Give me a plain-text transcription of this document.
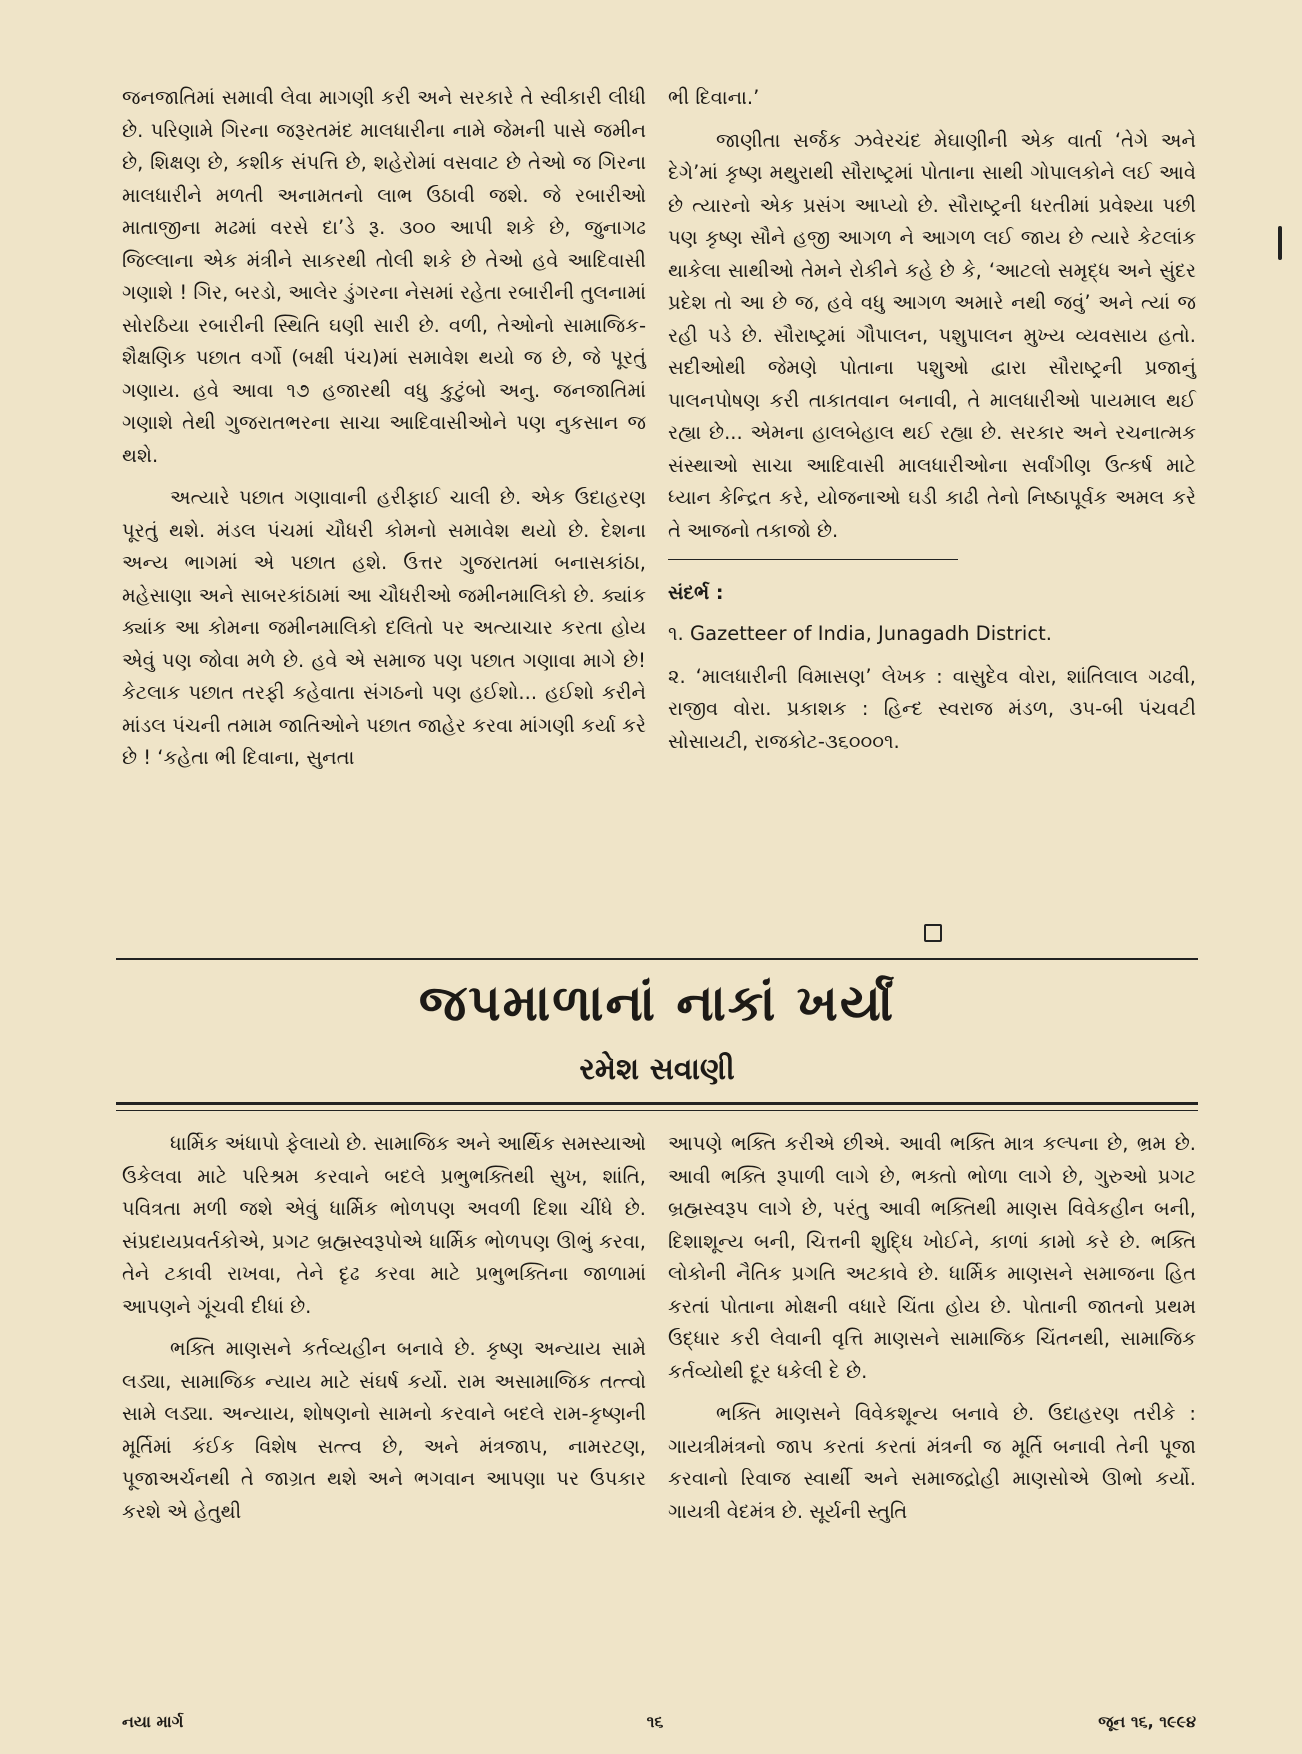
જનજાતિમાં સમાવી લેવા માગણી કરી અને સરકારે તે સ્વીકારી લીધી છે. પરિણામે ગિરના જરૂરતમંદ માલધારીના નામે જેમની પાસે જમીન છે, શિક્ષણ છે, કશીક સંપત્તિ છે, શહેરોમાં વસવાટ છે તેઓ જ ગિરના માલધારીને મળતી અનામતનો લાભ ઉઠાવી જશે. જે રબારીઓ માતાજીના મઢમાં વરસે દા’ડે રૂ. ૩૦૦ આપી શકે છે, જુનાગઢ જિલ્લાના એક મંત્રીને સાકરથી તોલી શકે છે તેઓ હવે આદિવાસી ગણાશે ! ગિર, બરડો, આલેર ડુંગરના નેસમાં રહેતા રબારીની તુલનામાં સોરઠિયા રબારીની સ્થિતિ ઘણી સારી છે. વળી, તેઓનો સામાજિક-શૈક્ષણિક પછાત વર્ગો (બક્ષી પંચ)માં સમાવેશ થયો જ છે, જે પૂરતું ગણાય. હવે આવા ૧૭ હજારથી વધુ કુટુંબો અનુ. જનજાતિમાં ગણાશે તેથી ગુજરાતભરના સાચા આદિવાસીઓને પણ નુકસાન જ થશે.

અત્યારે પછાત ગણાવાની હરીફાઈ ચાલી છે. એક ઉદાહરણ પૂરતું થશે. મંડલ પંચમાં ચૌધરી કોમનો સમાવેશ થયો છે. દેશના અન્ય ભાગમાં એ પછાત હશે. ઉત્તર ગુજરાતમાં બનાસકાંઠા, મહેસાણા અને સાબરકાંઠામાં આ ચૌધરીઓ જમીનમાલિકો છે. ક્યાંક ક્યાંક આ કોમના જમીનમાલિકો દલિતો પર અત્યાચાર કરતા હોય એવું પણ જોવા મળે છે. હવે એ સમાજ પણ પછાત ગણાવા માગે છે! કેટલાક પછાત તરફી કહેવાતા સંગઠનો પણ હઈશો... હઈશો કરીને માંડલ પંચની તમામ જાતિઓને પછાત જાહેર કરવા માંગણી કર્યા કરે છે ! ‘કહેતા ભી દિવાના, સુનતા

ભી દિવાના.’

જાણીતા સર્જક ઝવેરચંદ મેઘાણીની એક વાર્તા ‘તેગે અને દેગે’માં કૃષ્ણ મથુરાથી સૌરાષ્ટ્રમાં પોતાના સાથી ગોપાલકોને લઈ આવે છે ત્યારનો એક પ્રસંગ આપ્યો છે. સૌરાષ્ટ્રની ધરતીમાં પ્રવેશ્યા પછી પણ કૃષ્ણ સૌને હજી આગળ ને આગળ લઈ જાય છે ત્યારે કેટલાંક થાકેલા સાથીઓ તેમને રોકીને કહે છે કે, ‘આટલો સમૃદ્ધ અને સુંદર પ્રદેશ તો આ છે જ, હવે વધુ આગળ અમારે નથી જવું’ અને ત્યાં જ રહી પડે છે. સૌરાષ્ટ્રમાં ગૌપાલન, પશુપાલન મુખ્ય વ્યવસાય હતો. સદીઓથી જેમણે પોતાના પશુઓ દ્વારા સૌરાષ્ટ્રની પ્રજાનું પાલનપોષણ કરી તાકાતવાન બનાવી, તે માલધારીઓ પાયમાલ થઈ રહ્યા છે... એમના હાલબેહાલ થઈ રહ્યા છે. સરકાર અને રચનાત્મક સંસ્થાઓ સાચા આદિવાસી માલધારીઓના સર્વાંગીણ ઉત્કર્ષ માટે ધ્યાન કેન્દ્રિત કરે, યોજનાઓ ઘડી કાઢી તેનો નિષ્ઠાપૂર્વક અમલ કરે તે આજનો તકાજો છે.

સંદર્ભ :

૧. Gazetteer of India, Junagadh District.

૨. ‘માલધારીની વિમાસણ’ લેખક : વાસુદેવ વોરા, શાંતિલાલ ગઢવી, રાજીવ વોરા. પ્રકાશક : હિન્દ સ્વરાજ મંડળ, ૩૫-બી પંચવટી સોસાયટી, રાજકોટ-૩૬૦૦૦૧.

જપમાળાનાં નાકાં ખર્યાં
રમેશ સવાણી

ધાર્મિક અંધાપો ફેલાયો છે. સામાજિક અને આર્થિક સમસ્યાઓ ઉકેલવા માટે પરિશ્રમ કરવાને બદલે પ્રભુભક્તિથી સુખ, શાંતિ, પવિત્રતા મળી જશે એવું ધાર્મિક ભોળપણ અવળી દિશા ચીંધે છે. સંપ્રદાયપ્રવર્તકોએ, પ્રગટ બ્રહ્મસ્વરૂપોએ ધાર્મિક ભોળપણ ઊભું કરવા, તેને ટકાવી રાખવા, તેને દૃઢ કરવા માટે પ્રભુભક્તિના જાળામાં આપણને ગૂંચવી દીધાં છે.

ભક્તિ માણસને કર્તવ્યહીન બનાવે છે. કૃષ્ણ અન્યાય સામે લડ્યા, સામાજિક ન્યાય માટે સંઘર્ષ કર્યો. રામ અસામાજિક તત્ત્વો સામે લડ્યા. અન્યાય, શોષણનો સામનો કરવાને બદલે રામ-કૃષ્ણની મૂર્તિમાં કંઈક વિશેષ સત્ત્વ છે, અને મંત્રજાપ, નામરટણ, પૂજાઅર્ચનથી તે જાગ્રત થશે અને ભગવાન આપણા પર ઉપકાર કરશે એ હેતુથી

આપણે ભક્તિ કરીએ છીએ. આવી ભક્તિ માત્ર કલ્પના છે, ભ્રમ છે. આવી ભક્તિ રૂપાળી લાગે છે, ભક્તો ભોળા લાગે છે, ગુરુઓ પ્રગટ બ્રહ્મસ્વરૂપ લાગે છે, પરંતુ આવી ભક્તિથી માણસ વિવેકહીન બની, દિશાશૂન્ય બની, ચિત્તની શુદ્ધિ ખોઈને, કાળાં કામો કરે છે. ભક્તિ લોકોની નૈતિક પ્રગતિ અટકાવે છે. ધાર્મિક માણસને સમાજના હિત કરતાં પોતાના મોક્ષની વધારે ચિંતા હોય છે. પોતાની જાતનો પ્રથમ ઉદ્ધાર કરી લેવાની વૃત્તિ માણસને સામાજિક ચિંતનથી, સામાજિક કર્તવ્યોથી દૂર ધકેલી દે છે.

ભક્તિ માણસને વિવેકશૂન્ય બનાવે છે. ઉદાહરણ તરીકે : ગાયત્રીમંત્રનો જાપ કરતાં કરતાં મંત્રની જ મૂર્તિ બનાવી તેની પૂજા કરવાનો રિવાજ સ્વાર્થી અને સમાજદ્રોહી માણસોએ ઊભો કર્યો. ગાયત્રી વેદમંત્ર છે. સૂર્યની સ્તુતિ

નયા માર્ગ	૧૬	જૂન ૧૬, ૧૯૯૪
